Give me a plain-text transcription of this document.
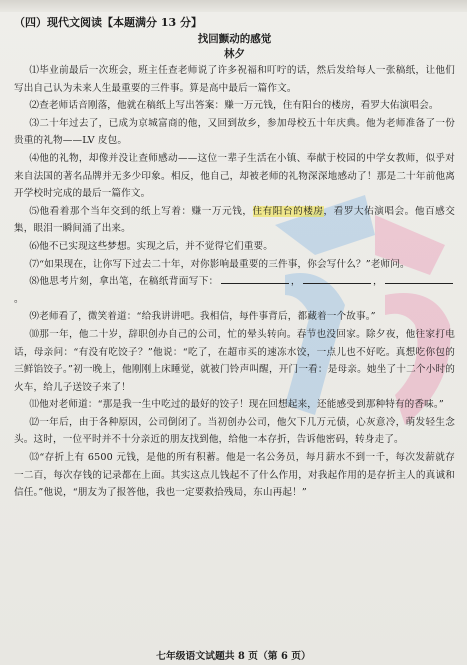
（四）现代文阅读【本题满分 13 分】
找回颤动的感觉
林夕

⑴毕业前最后一次班会，班主任查老师说了许多祝福和叮咛的话，然后发给每人一张稿纸，让他们写出自己认为未来人生最重要的三件事。算是高中最后一篇作文。

⑵查老师话音刚落，他就在稿纸上写出答案：赚一万元钱，住有阳台的楼房，看罗大佑演唱会。

⑶二十年过去了，已成为京城富商的他，又回到故乡，参加母校五十年庆典。他为老师准备了一份贵重的礼物——LV 皮包。

⑷他的礼物，却像并没让查师感动——这位一辈子生活在小镇、奉献于校园的中学女教师，似乎对来自法国的著名品牌并无多少印象。相反，他自己，却被老师的礼物深深地感动了！那是二十年前他离开学校时完成的最后一篇作文。

⑸他看着那个当年交到的纸上写着：赚一万元钱，住有阳台的楼房，看罗大佑演唱会。他百感交集，眼泪一瞬间涌了出来。

⑹他不已实现这些梦想。实现之后，并不觉得它们重要。

⑺“如果现在，让你写下过去二十年，对你影响最重要的三件事，你会写什么？”老师问。

⑻他思考片刻，拿出笔，在稿纸背面写下：	，	，。

⑼老师看了，微笑着道：“给我讲讲吧。我相信，每件事背后，都藏着一个故事。”

⑽那一年，他二十岁，辞职创办自己的公司，忙的晕头转向。春节也没回家。除夕夜，他往家打电话，母亲问：“有没有吃饺子？”他说：“吃了，在超市买的速冻水饺，一点儿也不好吃。真想吃你包的三鲜馅饺子。”初一晚上，他刚刚上床睡觉，就被门铃声叫醒，开门一看：是母亲。她坐了十二个小时的火车，给儿子送饺子来了！

⑾他对老师道：“那是我一生中吃过的最好的饺子！现在回想起来，还能感受到那种特有的香味。”

⑿一年后，由于各种原因，公司倒闭了。当初创办公司，他欠下几万元债，心灰意冷，萌发轻生念头。这时，一位平时并不十分亲近的朋友找到他，给他一本存折，告诉他密码，转身走了。

⒀“存折上有 6500 元钱，是他的所有积蓄。他是一名公务员，每月薪水不到一千，每次发薪就存一二百，每次存钱的记录都在上面。其实这点儿钱起不了什么作用，对我起作用的是存折主人的真诚和信任。”他说，“朋友为了报答他，我也一定要救拾残局，东山再起！”

七年级语文试题共 8 页（第 6 页）
